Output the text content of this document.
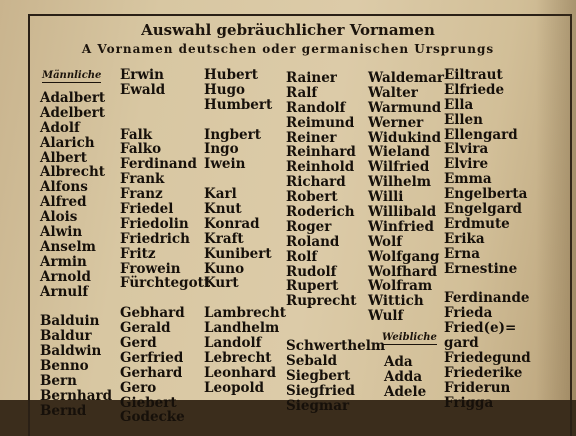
Auswahl gebräuchlicher Vornamen
A Vornamen deutschen oder germanischen Ursprungs
Männliche
Weibliche
Adalbert
Adelbert
Adolf
Alarich
Albert
Albrecht
Alfons
Alfred
Alois
Alwin
Anselm
Armin
Arnold
Arnulf
Balduin
Baldur
Baldwin
Benno
Bern
Bernhard
Bernd
Erwin
Ewald
Falk
Falko
Ferdinand
Frank
Franz
Friedel
Friedolin
Friedrich
Fritz
Frowein
Fürchtegott
Gebhard
Gerald
Gerd
Gerfried
Gerhard
Gero
Giebert
Godecke
Hubert
Hugo
Humbert
Ingbert
Ingo
Iwein
Karl
Knut
Konrad
Kraft
Kunibert
Kuno
Kurt
Lambrecht
Landhelm
Landolf
Lebrecht
Leonhard
Leopold
Rainer
Ralf
Randolf
Reimund
Reiner
Reinhard
Reinhold
Richard
Robert
Roderich
Roger
Roland
Rolf
Rudolf
Rupert
Ruprecht
Schwerthelm
Sebald
Siegbert
Siegfried
Siegmar
Waldemar
Walter
Warmund
Werner
Widukind
Wieland
Wilfried
Wilhelm
Willi
Willibald
Winfried
Wolf
Wolfgang
Wolfhard
Wolfram
Wittich
Wulf
Ada
Adda
Adele
Eiltraut
Elfriede
Ella
Ellen
Ellengard
Elvira
Elvire
Emma
Engelberta
Engelgard
Erdmute
Erika
Erna
Ernestine
Ferdinande
Frieda
Fried(e)=
gard
Friedegund
Friederike
Friderun
Frigga
